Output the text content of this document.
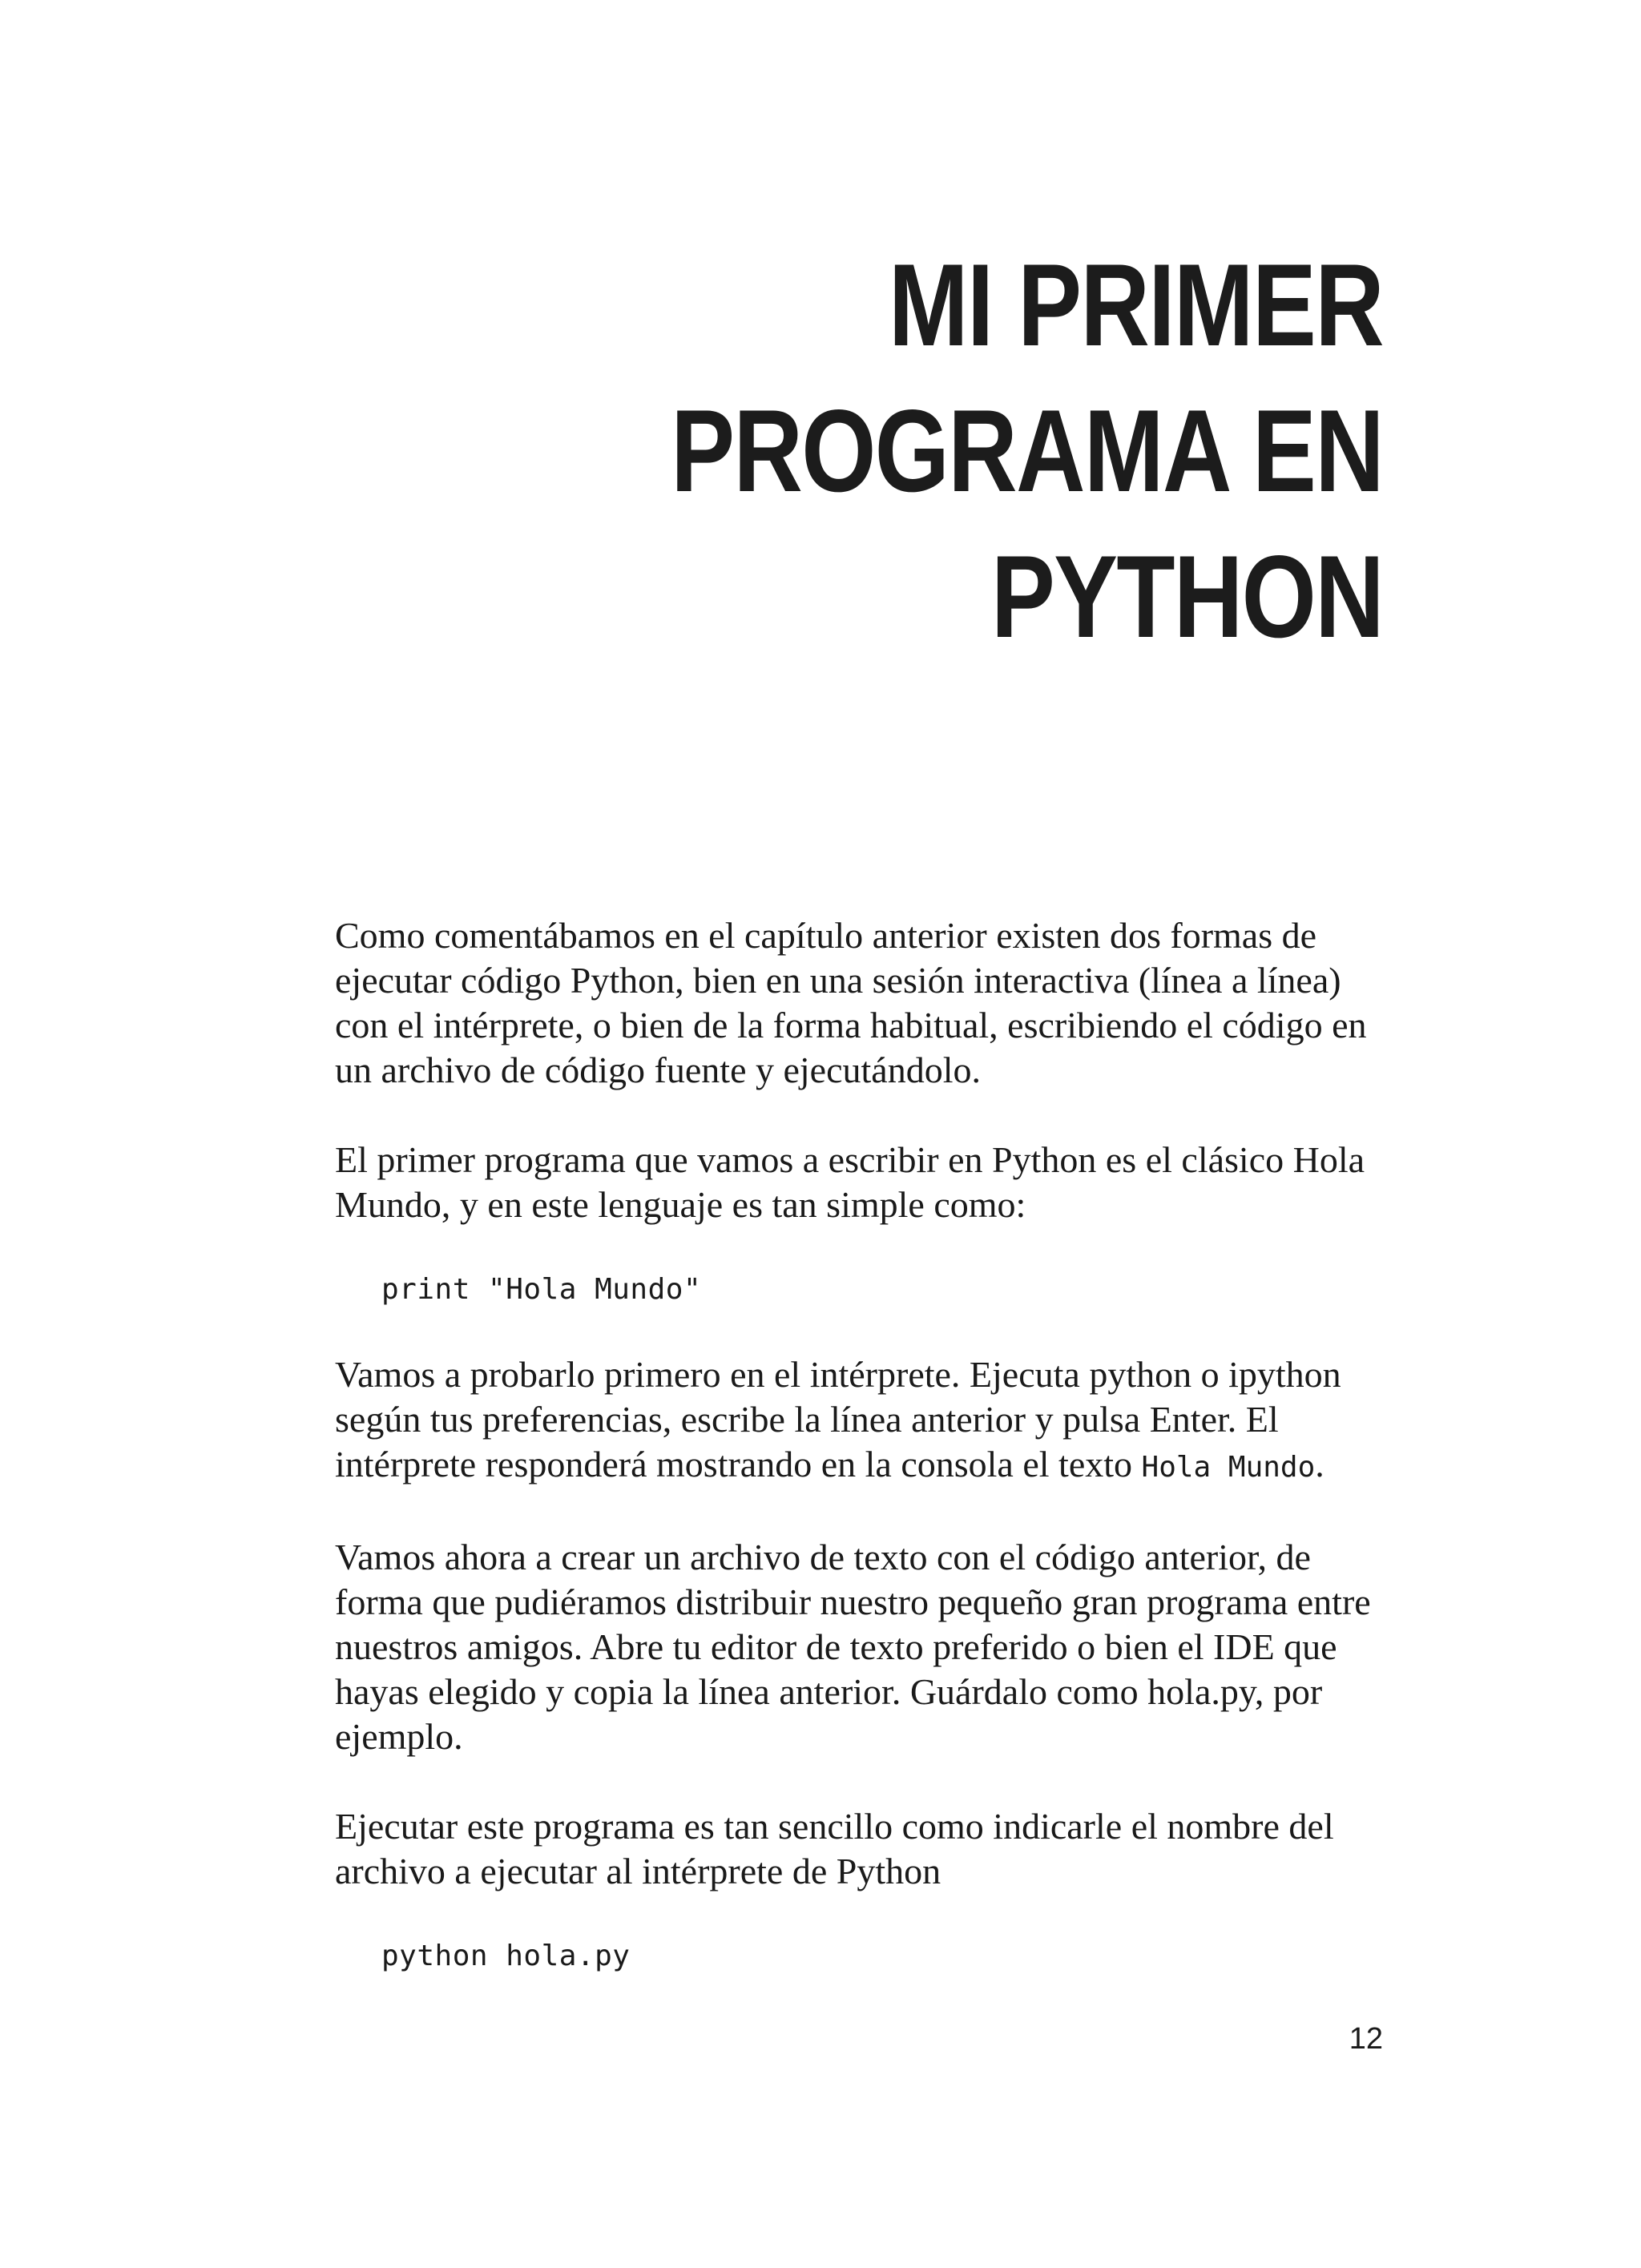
MI PRIMER
PROGRAMA EN
PYTHON

Como comentábamos en el capítulo anterior existen dos formas de ejecutar código Python, bien en una sesión interactiva (línea a línea) con el intérprete, o bien de la forma habitual, escribiendo el código en un archivo de código fuente y ejecutándolo.

El primer programa que vamos a escribir en Python es el clásico Hola Mundo, y en este lenguaje es tan simple como:

print "Hola Mundo"

Vamos a probarlo primero en el intérprete. Ejecuta python o ipython según tus preferencias, escribe la línea anterior y pulsa Enter. El intérprete responderá mostrando en la consola el texto Hola Mundo.

Vamos ahora a crear un archivo de texto con el código anterior, de forma que pudiéramos distribuir nuestro pequeño gran programa entre nuestros amigos. Abre tu editor de texto preferido o bien el IDE que hayas elegido y copia la línea anterior. Guárdalo como hola.py, por ejemplo.

Ejecutar este programa es tan sencillo como indicarle el nombre del archivo a ejecutar al intérprete de Python

python hola.py
12
